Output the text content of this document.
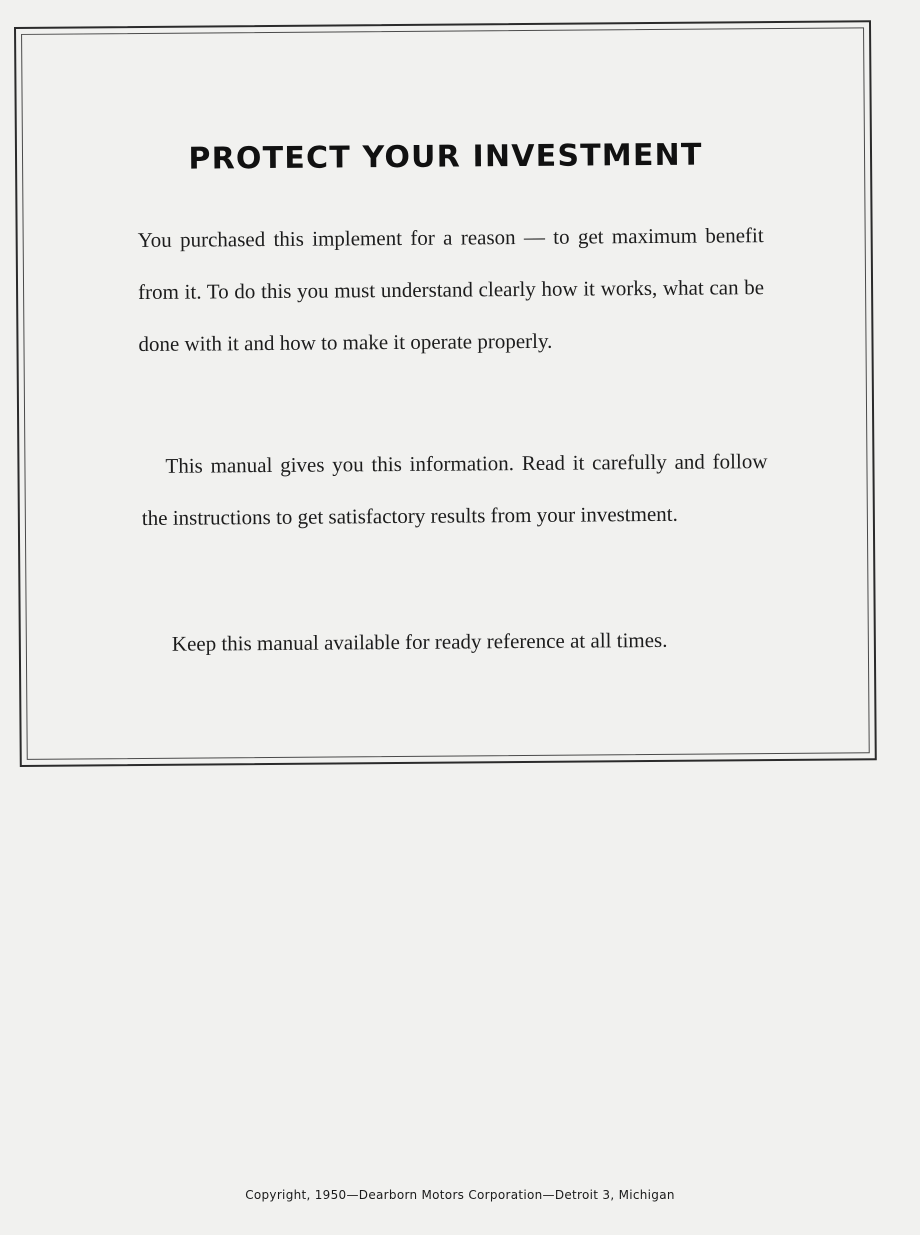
PROTECT YOUR INVESTMENT

You purchased this implement for a reason — to get maximum benefit from it. To do this you must understand clearly how it works, what can be done with it and how to make it operate properly.

This manual gives you this information. Read it carefully and follow the instructions to get satisfactory results from your investment.

Keep this manual available for ready reference at all times.

Copyright, 1950—Dearborn Motors Corporation—Detroit 3, Michigan
